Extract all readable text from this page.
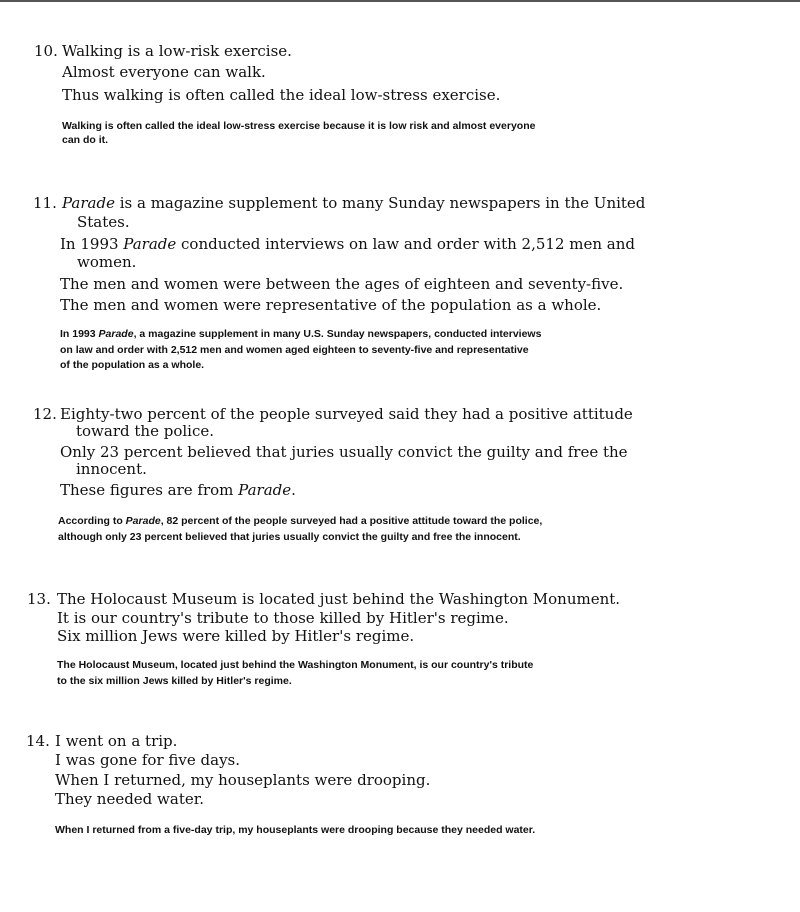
10. Walking is a low-risk exercise.
Almost everyone can walk.
Thus walking is often called the ideal low-stress exercise.
Walking is often called the ideal low-stress exercise because it is low risk and almost everyone
can do it.
11. Parade is a magazine supplement to many Sunday newspapers in the United
States.
In 1993 Parade conducted interviews on law and order with 2,512 men and
women.
The men and women were between the ages of eighteen and seventy-five.
The men and women were representative of the population as a whole.
In 1993 Parade, a magazine supplement in many U.S. Sunday newspapers, conducted interviews
on law and order with 2,512 men and women aged eighteen to seventy-five and representative
of the population as a whole.
12. Eighty-two percent of the people surveyed said they had a positive attitude
toward the police.
Only 23 percent believed that juries usually convict the guilty and free the
innocent.
These figures are from Parade.
According to Parade, 82 percent of the people surveyed had a positive attitude toward the police,
although only 23 percent believed that juries usually convict the guilty and free the innocent.
13. The Holocaust Museum is located just behind the Washington Monument.
It is our country's tribute to those killed by Hitler's regime.
Six million Jews were killed by Hitler's regime.
The Holocaust Museum, located just behind the Washington Monument, is our country's tribute
to the six million Jews killed by Hitler's regime.
14. I went on a trip.
I was gone for five days.
When I returned, my houseplants were drooping.
They needed water.
When I returned from a five-day trip, my houseplants were drooping because they needed water.
